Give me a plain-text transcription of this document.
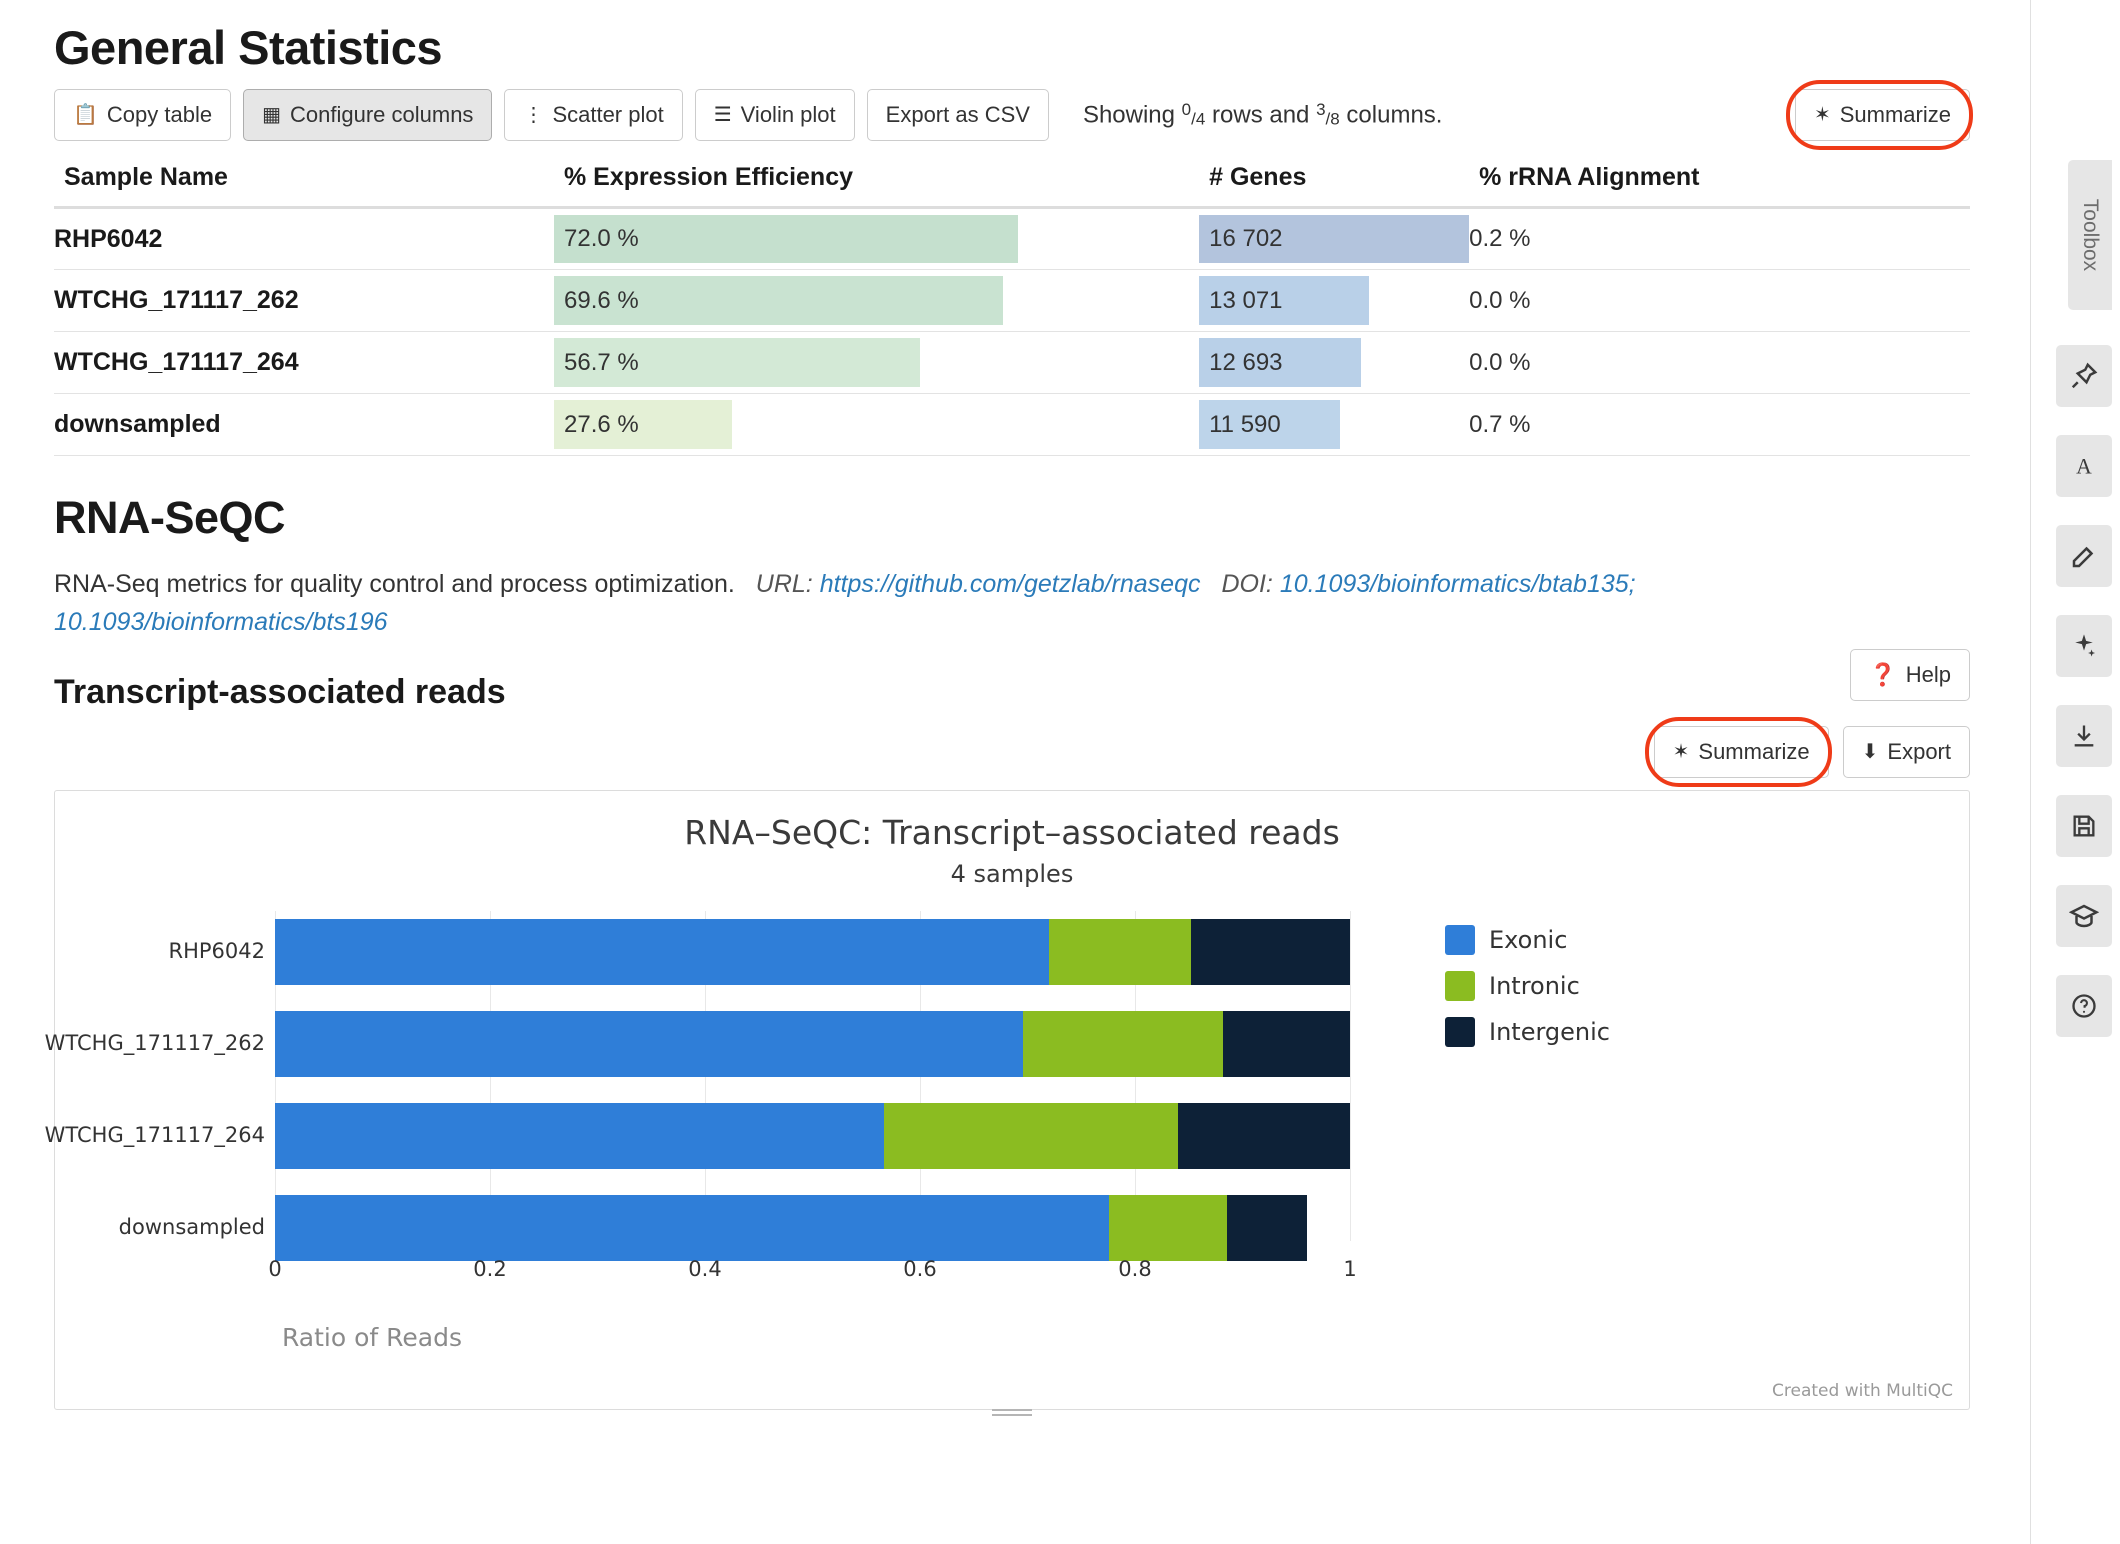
General Statistics
📋 Copy table	▦ Configure columns	⋮ Scatter plot	☰ Violin plot Export as CSV Showing $^0$/4 rows and $^3$/8 columns.	✶ Summarize
Sample Name	% Expression Efficiency	# Genes	% rRNA Alignment
RHP6042	72.0 %	16 702	0.2 %
WTCHG_171117_262	69.6 %	13 071	0.0 %
WTCHG_171117_264	56.7 %	12 693	0.0 %
downsampled	27.6 %	11 590	0.7 %
RNA-SeQC

RNA-Seq metrics for quality control and process optimization. URL: https://github.com/getzlab/rnaseqc DOI: 10.1093/bioinformatics/btab135; 10.1093/bioinformatics/bts196

Transcript-associated reads	❓ Help
✶ Summarize	⬇ Export
RNA–SeQC: Transcript–associated reads
4 samples
RHP6042
WTCHG_171117_262
WTCHG_171117_264
downsampled
0	0.2	0.4	0.6	0.8	1
Ratio of Reads
Exonic
Intronic
Intergenic
Created with MultiQC
Toolbox
A
